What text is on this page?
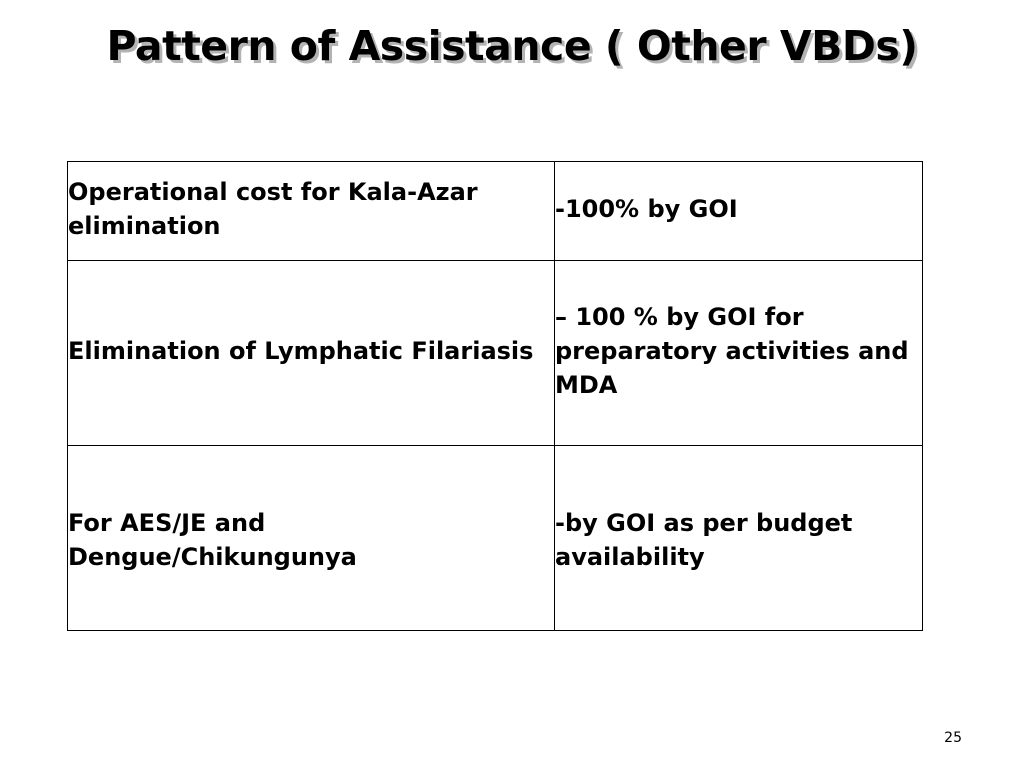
Pattern of Assistance ( Other VBDs)
Operational cost for Kala-Azar elimination	-100% by GOI

Elimination of Lymphatic Filariasis	– 100 % by GOI for preparatory activities and MDA

For AES/JE and Dengue/Chikungunya	-by GOI as per budget availability
25
